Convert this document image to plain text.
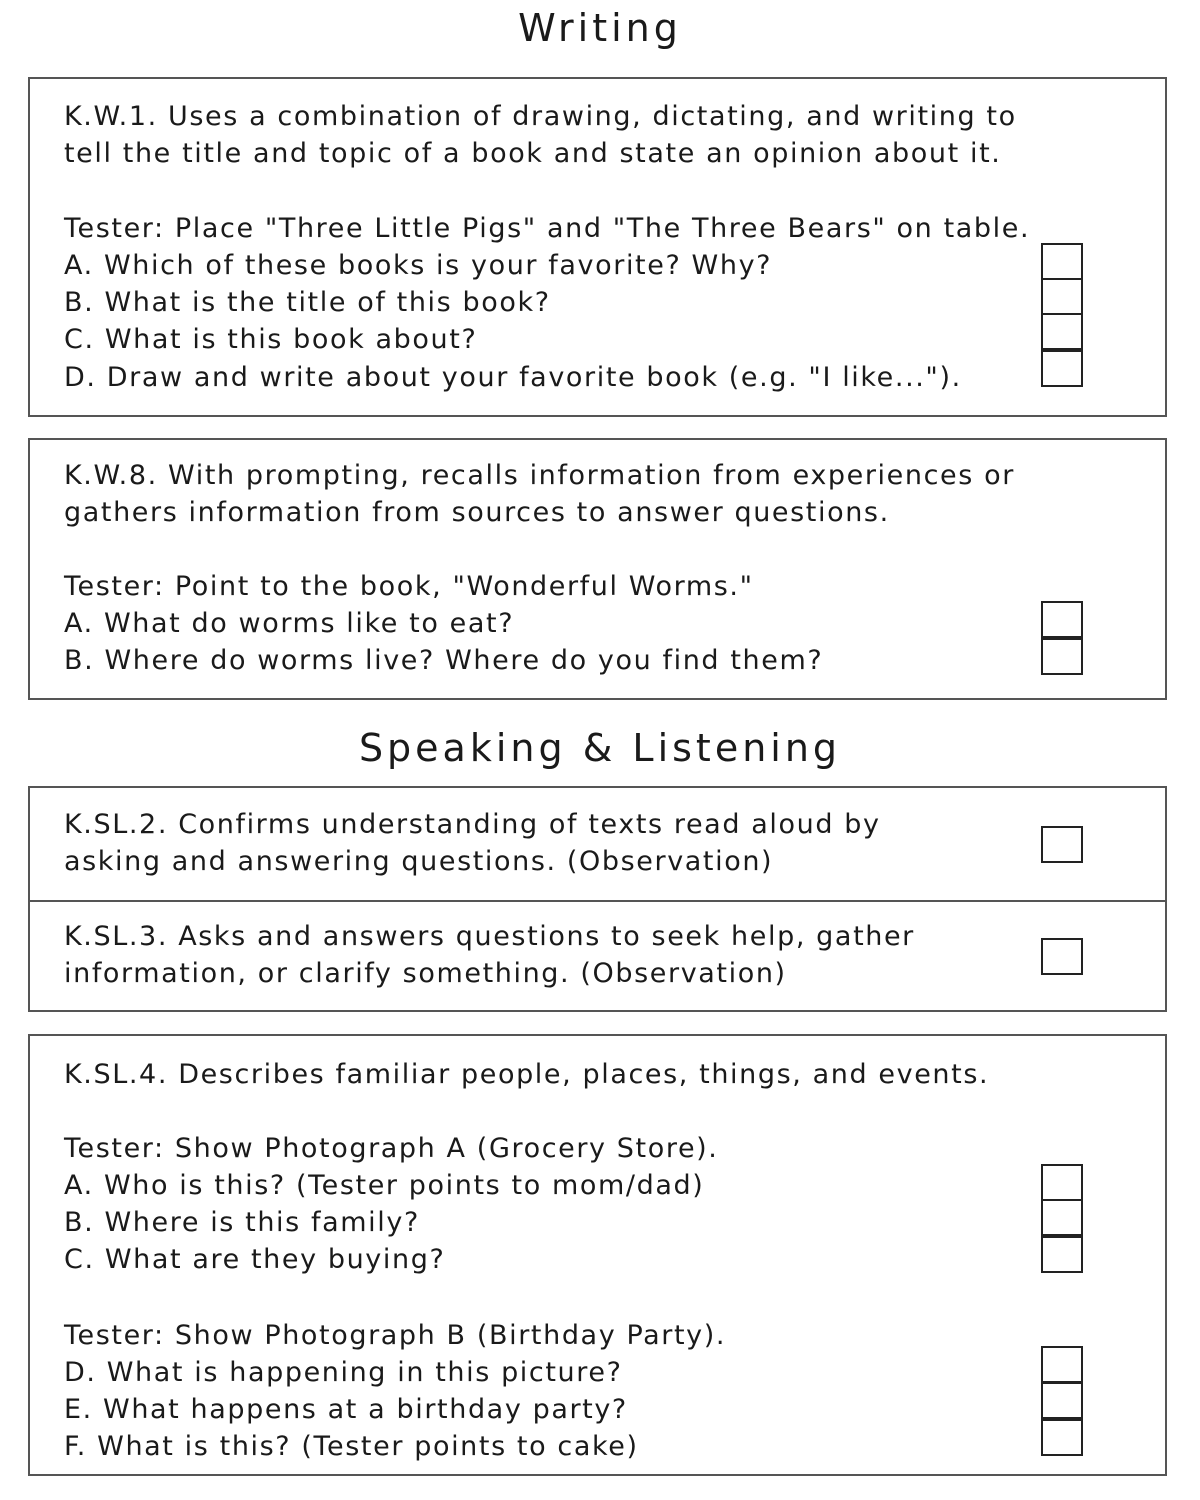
Writing
K.W.1. Uses a combination of drawing, dictating, and writing to
tell the title and topic of a book and state an opinion about it.
Tester: Place "Three Little Pigs" and "The Three Bears" on table.
A. Which of these books is your favorite? Why?
B. What is the title of this book?
C. What is this book about?
D. Draw and write about your favorite book (e.g. "I like...").
K.W.8. With prompting, recalls information from experiences or
gathers information from sources to answer questions.
Tester: Point to the book, "Wonderful Worms."
A. What do worms like to eat?
B. Where do worms live? Where do you find them?
Speaking & Listening
K.SL.2. Confirms understanding of texts read aloud by
asking and answering questions. (Observation)
K.SL.3. Asks and answers questions to seek help, gather
information, or clarify something. (Observation)
K.SL.4. Describes familiar people, places, things, and events.
Tester: Show Photograph A (Grocery Store).
A. Who is this? (Tester points to mom/dad)
B. Where is this family?
C. What are they buying?
Tester: Show Photograph B (Birthday Party).
D. What is happening in this picture?
E. What happens at a birthday party?
F. What is this? (Tester points to cake)
